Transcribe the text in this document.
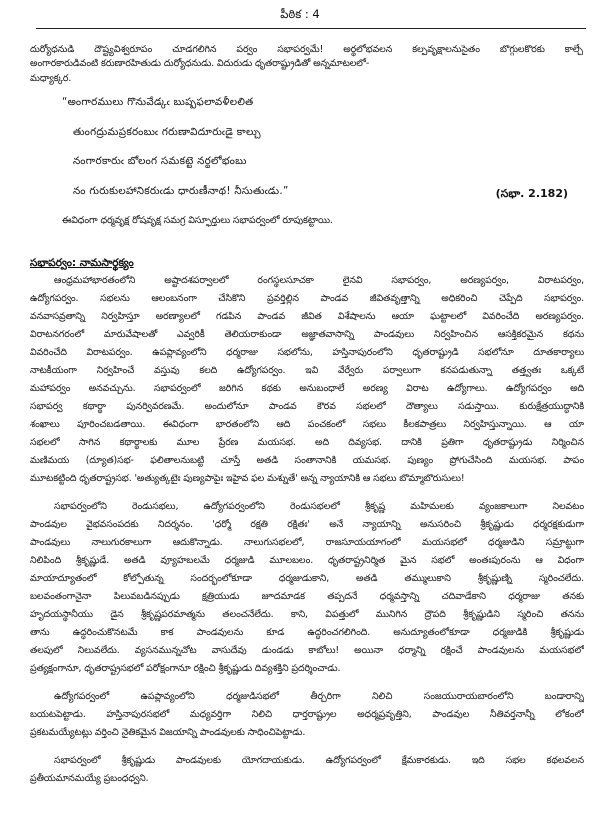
పీఠిక : 4
దుర్యోధనుడి దౌష్ట్యవిశ్వరూపం చూడగలిగిన పర్వం సభాపర్వమే! అర్థలోభవలన కల్పవృక్షాలనుసైతం బొగ్గులకొరకు కాల్చే
అంగారకారుడివంటి కరుణారహితుడు దుర్యోధనుడు. విదురుడు ధృతరాష్ట్రుడితో అన్నమాటలలో-
మధ్యాక్కర.
“అంగారములు గొనువేడ్కఁ బుష్పఫలావళీలలిత
తుంగద్రుమప్రకరంబుఁ గరుణావిదూరుఁడై కాల్చు
నంగారకారుఁ బోలంగ సమకట్టె నర్థలోభంబు
నం గురుకులహానికరుఁడు ధారుణీనాథ! నీసుతుఁడు.”	(సభా. 2.182)
ఈవిధంగా ధర్మవృక్ష రోషవృక్ష సమగ్ర విస్ఫూర్తులు సభాపర్వంలో రూపుకట్టాయి.
సభాపర్వం: నామసార్థక్యం
ఆంధ్రమహాభారతంలోని అష్టాదశపర్వాలలో రంగస్థలసూచకా లైనవి సభాపర్వం, అరణ్యపర్వం, విరాటపర్వం,
ఉద్యోగపర్వం. సభలను ఆలంబనంగా చేసికొని ప్రవర్తిల్లిన పాండవ జీవితవృత్తాన్ని అధికరించి చెప్పేది సభాపర్వం.
వనవాసవ్రతాన్ని నిర్వహిస్తూ అరణ్యాలలో గడపిన పాండవ జీవిత విశేషాలను ఆయా ఘట్టాలలో వివరించేది అరణ్యపర్వం.
విరాటనగరంలో మారువేషాలతో ఎవ్వరికీ తెలియరాకుండా అజ్ఞాతవాసాన్ని పాండవులు నిర్వహించిన ఆసక్తికరమైన కథను
వివరించేది విరాటపర్వం. ఉపప్లావ్యంలోని ధర్మరాజు సభలోను, హస్తినాపురంలోని ధృతరాష్ట్రుడి సభలోనూ దూతకార్యాలు
నాటకీయంగా నిర్వహించే వస్తువు కలది ఉద్యోగపర్వం. ఇవి వేర్వేరు పర్వాలుగా కనపడుతున్నా తత్త్వతః ఒక్కటే
మహాపర్వం అనవచ్చును. సభాపర్వంలో జరిగిన కథకు అనుబంధాలే అరణ్య విరాట ఉద్యోగాలు. ఉద్యోగపర్వం అది
సభాపర్వ కథార్థా పునర్వివరణమే. అందులోనూ పాండవ కౌరవ సభలలో దౌత్యాలు సడుస్తాయి. కురుక్షేత్రయుద్ధానికి
శంఖాలు పూరించబడతాయి. ఈవిధంగా భారతంలోని ఆది పంచకంలో సభలు కీలకపాత్రలు నిర్వహిస్తున్నాయి. ఆ యా
సభలలో సాగిన కథార్థాలకు మూల ప్రేరణ మయసభ. అది దివ్యసభ. దానికి ప్రతిగా ధృతరాష్ట్రుడు నిర్మించిన
మణిమయ (ద్యూత)సభ- ఫలితాలనుబట్టి చూస్తే అతడి సంతానానికి యమసభ. పుణ్యం ప్రోగుచేసింది మయసభ. పాపం
మూటకట్టింది ధృతరాష్ట్రసభ. 'అత్యుత్కటైః పుణ్యపాపైః ఇహైవ ఫల మశ్నుతే' అన్న న్యాయానికి ఆ సభలు బొమ్మాబొరుసులు!
సభాపర్వంలోని రెండుసభలు, ఉద్యోగపర్వంలోని రెండుసభలలో శ్రీకృష్ణ మహిమలకు వ్యంజకాలుగా నిలవటం
పాండవుల వైభవసంపదకు నిదర్శనం. 'ధర్మో రక్షతి రక్షితః' అనే న్యాయాన్ని అనుసరించి శ్రీకృష్ణుడు ధర్మరక్షకుడుగా
పాండవులు నాలుగురకాలుగా ఆదుకొన్నాడు. నాలుగుసభలలో, రాజసూయయాగంలో మయసభలో ధర్మజుడిని సమ్రాట్టుగా
నిలిపింది శ్రీకృష్ణుడే. అతడి వ్యూహబలమే ధర్మజుడి మూలబలం. ధృతరాష్ట్రనిర్మిత మైన సభలో అంతఃపురంను ఆ విధంగా
మాయాద్యూతంలో కోల్పోతున్న సందర్భంలోకూడా ధర్మజుడుకాని, అతడి తమ్ములుకాని శ్రీకృష్ణుణ్ని స్మరించలేదు.
బలవంతంగానైనా పిలువబడినప్పుడు క్షత్రియుడు జూదమాడక తప్పదనే ధర్మవస్తాన్ని చదివాడేకాని ధర్మరాజు తనకు
హృదయస్థానీయు డైన శ్రీకృష్ణపరమాత్మను తలంచనేలేదు. కాని, విపత్తులో మునిగిన ద్రౌపది శ్రీకృష్ణుడిని స్మరించి తనను
తాను ఉద్ధరించుకొనటమే కాక పాండవులను కూడ ఉద్ధరించగలిగింది. అనుద్యూతంలోకూడా ధర్మజుడికి శ్రీకృష్ణుడు
తలపులో నిలువలేదు. వ్యసనమున్నచోట వాసుదేవు డుండడు కాబోలు! అయినా ధర్మాన్ని రక్షించే పాండవులను మయసభలో
ప్రత్యక్షంగానూ, ధృతరాష్ట్రసభలో పరోక్షంగానూ రక్షించి శ్రీకృష్ణుడు దివ్యశక్తిని ప్రదర్శించాడు.
ఉద్యోగపర్వంలో ఉపప్లావ్యంలోని ధర్మజుడిసభలో తీర్చరిగా నిలిచి సంజయురాయబారంలోని బండారాన్ని
బయటపెట్టాడు. హస్తినాపురసభలో మధ్యవర్తిగా నిలిచి ధార్తరాష్ట్రుల అధర్మప్రవృత్తిని, పాండవుల నీతివర్తనాన్నీ లోకంలో
ప్రకటమయ్యేటట్లు వర్తించి నైతికమైన విజయాన్ని పాండవులకు సాధించిపెట్టాడు.
సభాపర్వంలో శ్రీకృష్ణుడు పాండవులకు యోగదాయకుడు. ఉద్యోగపర్వంలో క్షేమకారకుడు. ఇది సభల కథలవలన
ప్రతీయమానమయ్యే ప్రబంధధ్వని.
